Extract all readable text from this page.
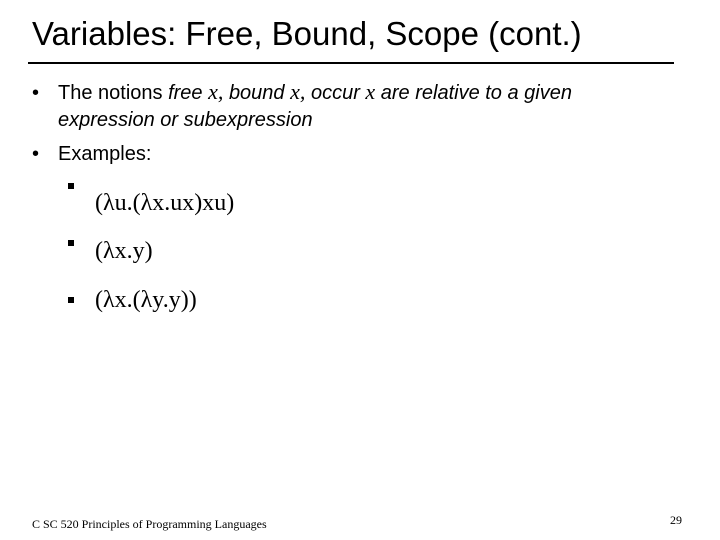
Variables: Free, Bound, Scope (cont.)
• The notions free x, bound x, occur x are relative to a given
expression or subexpression
• Examples:
(λu.(λx.ux)xu)
(λx.y)
(λx.(λy.y))
C SC 520 Principles of Programming Languages	29
